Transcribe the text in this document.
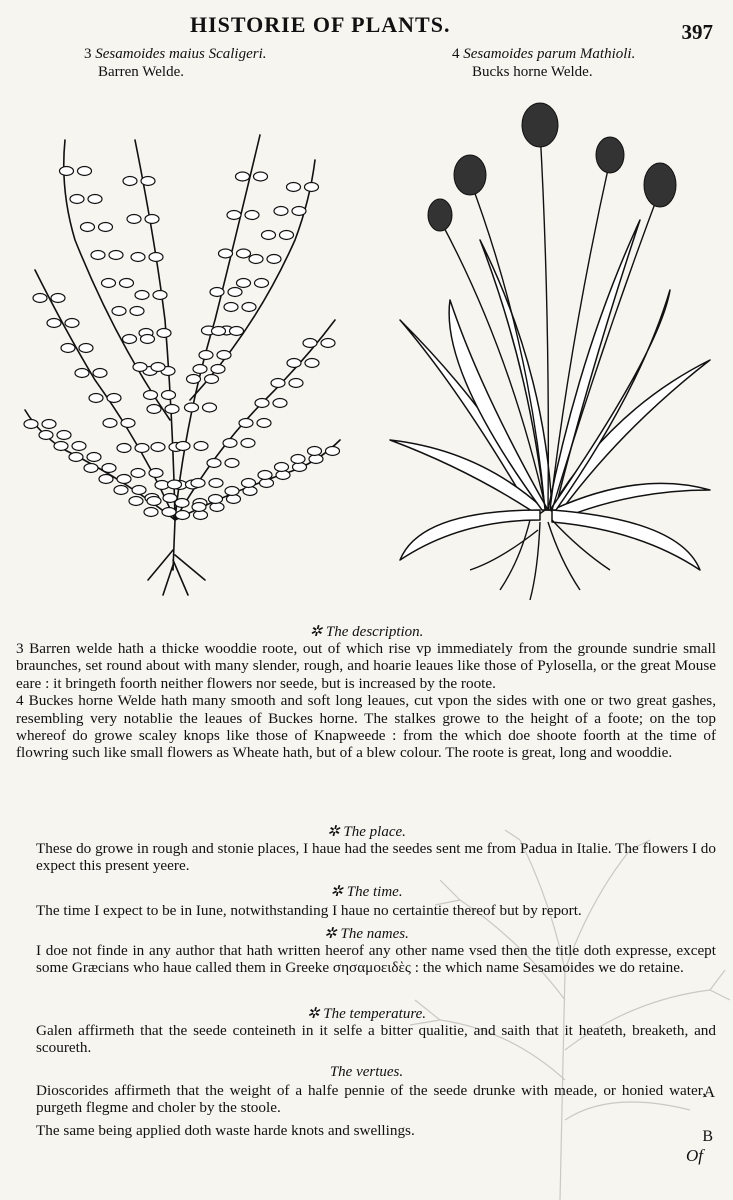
HISTORIE OF PLANTS.	397
3 Sesamoides maius Scaligeri.
Barren Welde.
4 Sesamoides parum Mathioli.
Bucks horne Welde.
✲ The description.

3 Barren welde hath a thicke wooddie roote, out of which rise vp immediately from the grounde sundrie small braunches, set round about with many slender, rough, and hoarie leaues like those of Pylosella, or the great Mouse eare : it bringeth foorth neither flowers nor seede, but is increased by the roote.

4 Buckes horne Welde hath many smooth and soft long leaues, cut vpon the sides with one or two great gashes, resembling very notablie the leaues of Buckes horne. The stalkes growe to the height of a foote; on the top whereof do growe scaley knops like those of Knapweede : from the which doe shoote foorth at the time of flowring such like small flowers as Wheate hath, but of a blew colour. The roote is great, long and wooddie.

✲ The place.
These do growe in rough and stonie places, I haue had the seedes sent me from Padua in Italie. The flowers I do expect this present yeere.
✲ The time.
The time I expect to be in Iune, notwithstanding I haue no certaintie thereof but by report.
✲ The names.
I doe not finde in any author that hath written heerof any other name vsed then the title doth expresse, except some Græcians who haue called them in Greeke σησαμοειδὲς : the which name Sesamoides we do retaine.
✲ The temperature.
Galen affirmeth that the seede conteineth in it selfe a bitter qualitie, and saith that it heateth, breaketh, and scoureth.
The vertues.
Dioscorides affirmeth that the weight of a halfe pennie of the seede drunke with meade, or honied water, purgeth flegme and choler by the stoole.
A
The same being applied doth waste harde knots and swellings.	B
Of
